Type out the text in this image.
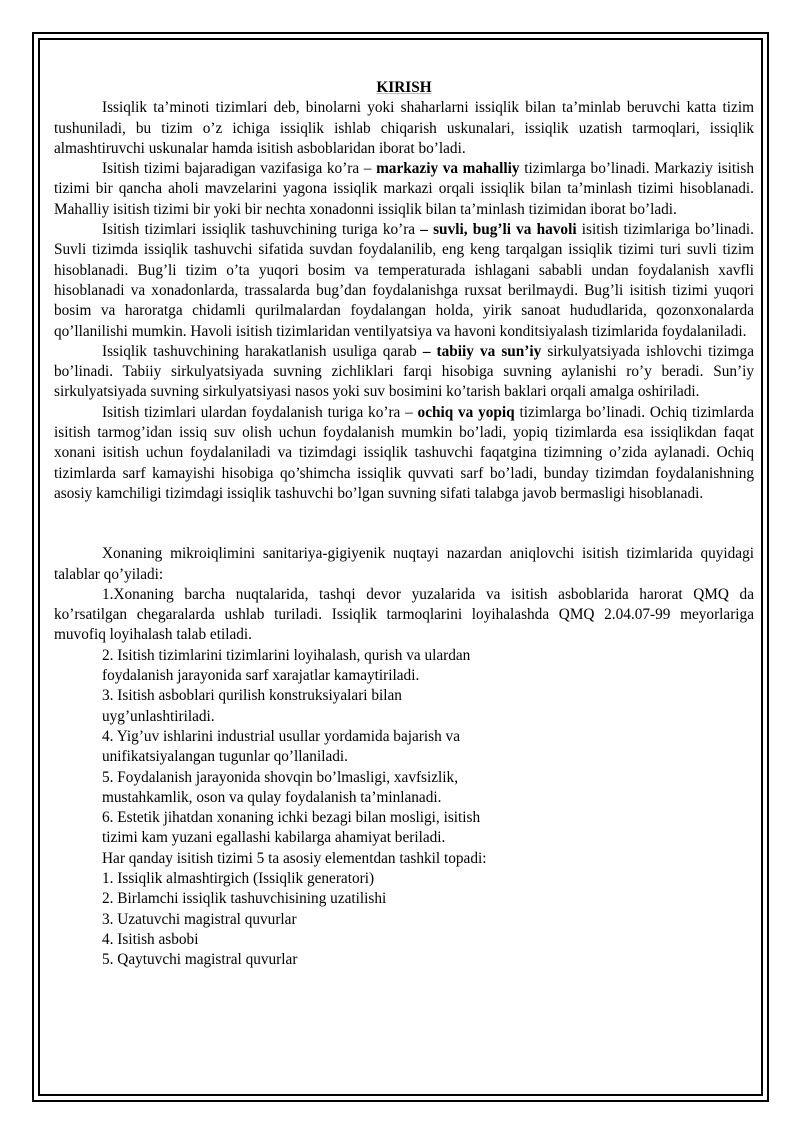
KIRISH

Issiqlik ta’minoti tizimlari deb, binolarni yoki shaharlarni issiqlik bilan ta’minlab beruvchi katta tizim tushuniladi, bu tizim o’z ichiga issiqlik ishlab chiqarish uskunalari, issiqlik uzatish tarmoqlari, issiqlik almashtiruvchi uskunalar hamda isitish asboblaridan iborat bo’ladi.

Isitish tizimi bajaradigan vazifasiga ko’ra – markaziy va mahalliy tizimlarga bo’linadi. Markaziy isitish tizimi bir qancha aholi mavzelarini yagona issiqlik markazi orqali issiqlik bilan ta’minlash tizimi hisoblanadi. Mahalliy isitish tizimi bir yoki bir nechta xonadonni issiqlik bilan ta’minlash tizimidan iborat bo’ladi.

Isitish tizimlari issiqlik tashuvchining turiga ko’ra – suvli, bug’li va havoli isitish tizimlariga bo’linadi. Suvli tizimda issiqlik tashuvchi sifatida suvdan foydalanilib, eng keng tarqalgan issiqlik tizimi turi suvli tizim hisoblanadi. Bug’li tizim o’ta yuqori bosim va temperaturada ishlagani sababli undan foydalanish xavfli hisoblanadi va xonadonlarda, trassalarda bug’dan foydalanishga ruxsat berilmaydi. Bug’li isitish tizimi yuqori bosim va haroratga chidamli qurilmalardan foydalangan holda, yirik sanoat hududlarida, qozonxonalarda qo’llanilishi mumkin. Havoli isitish tizimlaridan ventilyatsiya va havoni konditsiyalash tizimlarida foydalaniladi.

Issiqlik tashuvchining harakatlanish usuliga qarab – tabiiy va sun’iy sirkulyatsiyada ishlovchi tizimga bo’linadi. Tabiiy sirkulyatsiyada suvning zichliklari farqi hisobiga suvning aylanishi ro’y beradi. Sun’iy sirkulyatsiyada suvning sirkulyatsiyasi nasos yoki suv bosimini ko’tarish baklari orqali amalga oshiriladi.

Isitish tizimlari ulardan foydalanish turiga ko’ra – ochiq va yopiq tizimlarga bo’linadi. Ochiq tizimlarda isitish tarmog’idan issiq suv olish uchun foydalanish mumkin bo’ladi, yopiq tizimlarda esa issiqlikdan faqat xonani isitish uchun foydalaniladi va tizimdagi issiqlik tashuvchi faqatgina tizimning o’zida aylanadi. Ochiq tizimlarda sarf kamayishi hisobiga qo’shimcha issiqlik quvvati sarf bo’ladi, bunday tizimdan foydalanishning asosiy kamchiligi tizimdagi issiqlik tashuvchi bo’lgan suvning sifati talabga javob bermasligi hisoblanadi.

Xonaning mikroiqlimini sanitariya-gigiyenik nuqtayi nazardan aniqlovchi isitish tizimlarida quyidagi talablar qo’yiladi:

1.Xonaning barcha nuqtalarida, tashqi devor yuzalarida va isitish asboblarida harorat QMQ da ko’rsatilgan chegaralarda ushlab turiladi. Issiqlik tarmoqlarini loyihalashda QMQ 2.04.07-99 meyorlariga muvofiq loyihalash talab etiladi.

2. Isitish tizimlarini tizimlarini loyihalash, qurish va ulardan foydalanish jarayonida sarf xarajatlar kamaytiriladi.

3. Isitish asboblari qurilish konstruksiyalari bilan uyg’unlashtiriladi.

4. Yig’uv ishlarini industrial usullar yordamida bajarish va unifikatsiyalangan tugunlar qo’llaniladi.

5. Foydalanish jarayonida shovqin bo’lmasligi, xavfsizlik, mustahkamlik, oson va qulay foydalanish ta’minlanadi.

6. Estetik jihatdan xonaning ichki bezagi bilan mosligi, isitish tizimi kam yuzani egallashi kabilarga ahamiyat beriladi.

Har qanday isitish tizimi 5 ta asosiy elementdan tashkil topadi:

1. Issiqlik almashtirgich (Issiqlik generatori)

2. Birlamchi issiqlik tashuvchisining uzatilishi

3. Uzatuvchi magistral quvurlar

4. Isitish asbobi

5. Qaytuvchi magistral quvurlar
